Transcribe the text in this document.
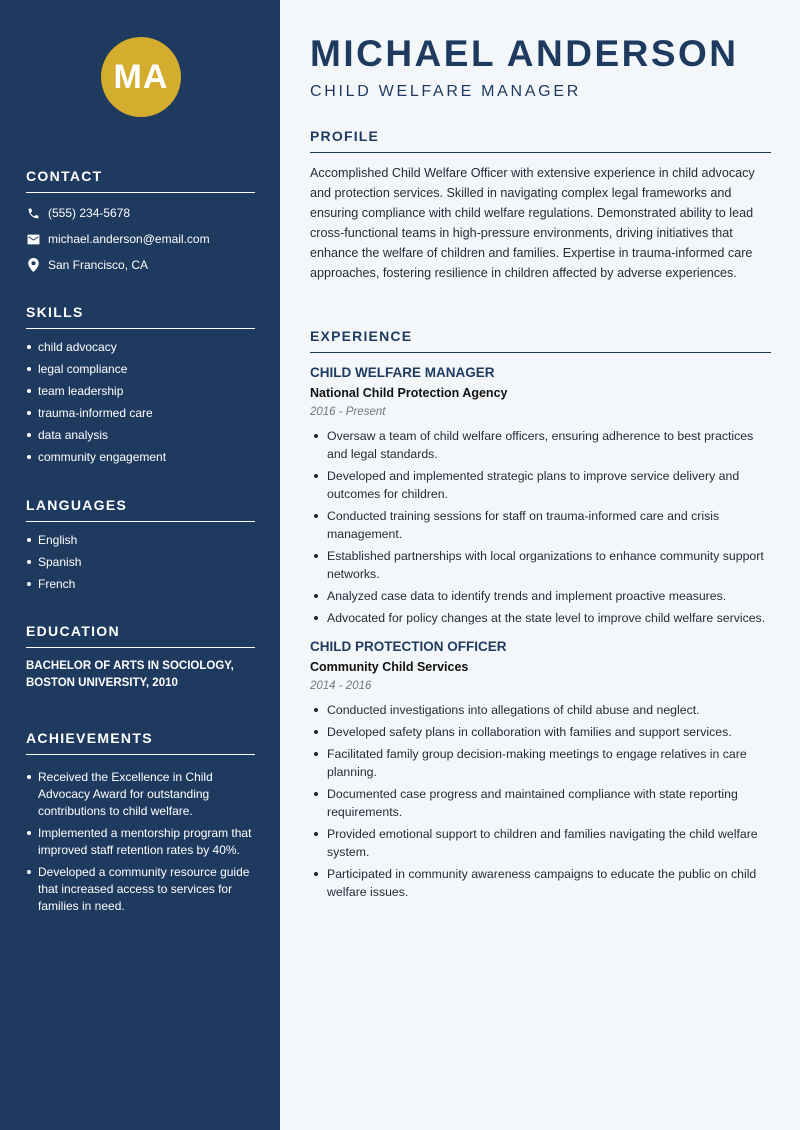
MA
CONTACT
(555) 234-5678
michael.anderson@email.com
San Francisco, CA
SKILLS
child advocacy
legal compliance
team leadership
trauma-informed care
data analysis
community engagement
LANGUAGES
English
Spanish
French
EDUCATION
BACHELOR OF ARTS IN SOCIOLOGY,
BOSTON UNIVERSITY, 2010
ACHIEVEMENTS
Received the Excellence in Child Advocacy Award for outstanding contributions to child welfare.
Implemented a mentorship program that improved staff retention rates by 40%.
Developed a community resource guide that increased access to services for families in need.
MICHAEL ANDERSON
CHILD WELFARE MANAGER
PROFILE
Accomplished Child Welfare Officer with extensive experience in child advocacy and protection services. Skilled in navigating complex legal frameworks and ensuring compliance with child welfare regulations. Demonstrated ability to lead cross-functional teams in high-pressure environments, driving initiatives that enhance the welfare of children and families. Expertise in trauma-informed care approaches, fostering resilience in children affected by adverse experiences.
EXPERIENCE
CHILD WELFARE MANAGER
National Child Protection Agency
2016 - Present
Oversaw a team of child welfare officers, ensuring adherence to best practices and legal standards.
Developed and implemented strategic plans to improve service delivery and outcomes for children.
Conducted training sessions for staff on trauma-informed care and crisis management.
Established partnerships with local organizations to enhance community support networks.
Analyzed case data to identify trends and implement proactive measures.
Advocated for policy changes at the state level to improve child welfare services.
CHILD PROTECTION OFFICER
Community Child Services
2014 - 2016
Conducted investigations into allegations of child abuse and neglect.
Developed safety plans in collaboration with families and support services.
Facilitated family group decision-making meetings to engage relatives in care planning.
Documented case progress and maintained compliance with state reporting requirements.
Provided emotional support to children and families navigating the child welfare system.
Participated in community awareness campaigns to educate the public on child welfare issues.
